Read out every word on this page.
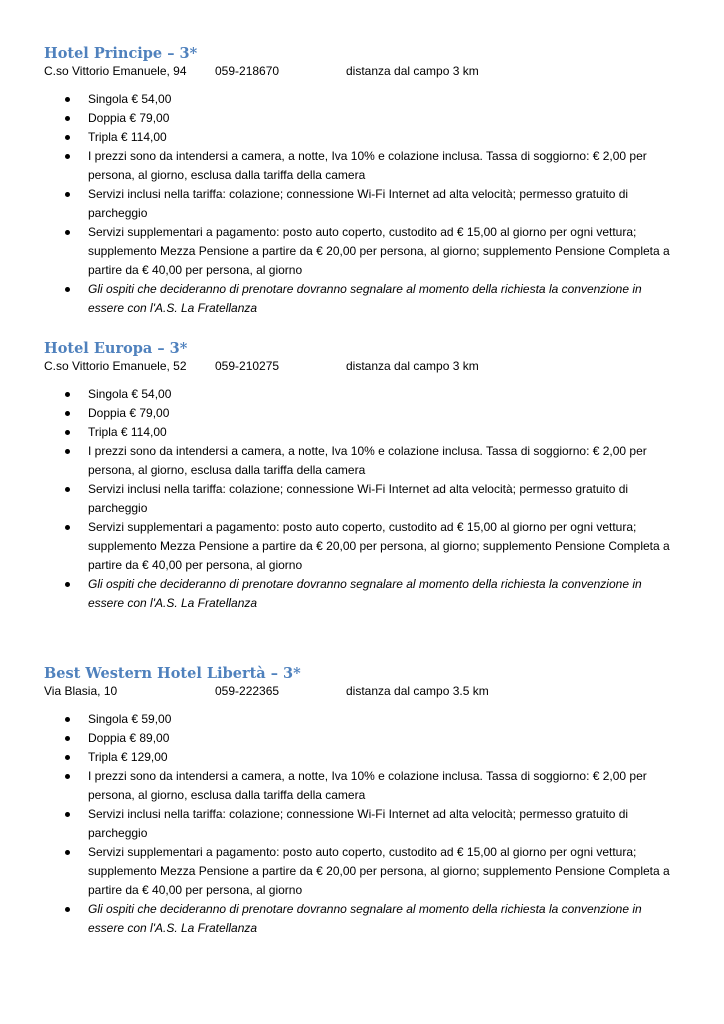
Hotel Principe – 3*
C.so Vittorio Emanuele, 94 059-218670	distanza dal campo 3 km
Singola € 54,00
Doppia € 79,00
Tripla € 114,00
I prezzi sono da intendersi a camera, a notte, Iva 10% e colazione inclusa. Tassa di soggiorno: € 2,00 per
persona, al giorno, esclusa dalla tariffa della camera
Servizi inclusi nella tariffa: colazione; connessione Wi-Fi Internet ad alta velocità; permesso gratuito di
parcheggio
Servizi supplementari a pagamento: posto auto coperto, custodito ad € 15,00 al giorno per ogni vettura;
supplemento Mezza Pensione a partire da € 20,00 per persona, al giorno; supplemento Pensione Completa a
partire da € 40,00 per persona, al giorno
Gli ospiti che decideranno di prenotare dovranno segnalare al momento della richiesta la convenzione in
essere con l'A.S. La Fratellanza
Hotel Europa – 3*
C.so Vittorio Emanuele, 52 059-210275	distanza dal campo 3 km
Singola € 54,00
Doppia € 79,00
Tripla € 114,00
I prezzi sono da intendersi a camera, a notte, Iva 10% e colazione inclusa. Tassa di soggiorno: € 2,00 per
persona, al giorno, esclusa dalla tariffa della camera
Servizi inclusi nella tariffa: colazione; connessione Wi-Fi Internet ad alta velocità; permesso gratuito di
parcheggio
Servizi supplementari a pagamento: posto auto coperto, custodito ad € 15,00 al giorno per ogni vettura;
supplemento Mezza Pensione a partire da € 20,00 per persona, al giorno; supplemento Pensione Completa a
partire da € 40,00 per persona, al giorno
Gli ospiti che decideranno di prenotare dovranno segnalare al momento della richiesta la convenzione in
essere con l'A.S. La Fratellanza
Best Western Hotel Libertà – 3*
Via Blasia, 10	059-222365	distanza dal campo 3.5 km
Singola € 59,00
Doppia € 89,00
Tripla € 129,00
I prezzi sono da intendersi a camera, a notte, Iva 10% e colazione inclusa. Tassa di soggiorno: € 2,00 per
persona, al giorno, esclusa dalla tariffa della camera
Servizi inclusi nella tariffa: colazione; connessione Wi-Fi Internet ad alta velocità; permesso gratuito di
parcheggio
Servizi supplementari a pagamento: posto auto coperto, custodito ad € 15,00 al giorno per ogni vettura;
supplemento Mezza Pensione a partire da € 20,00 per persona, al giorno; supplemento Pensione Completa a
partire da € 40,00 per persona, al giorno
Gli ospiti che decideranno di prenotare dovranno segnalare al momento della richiesta la convenzione in
essere con l'A.S. La Fratellanza
